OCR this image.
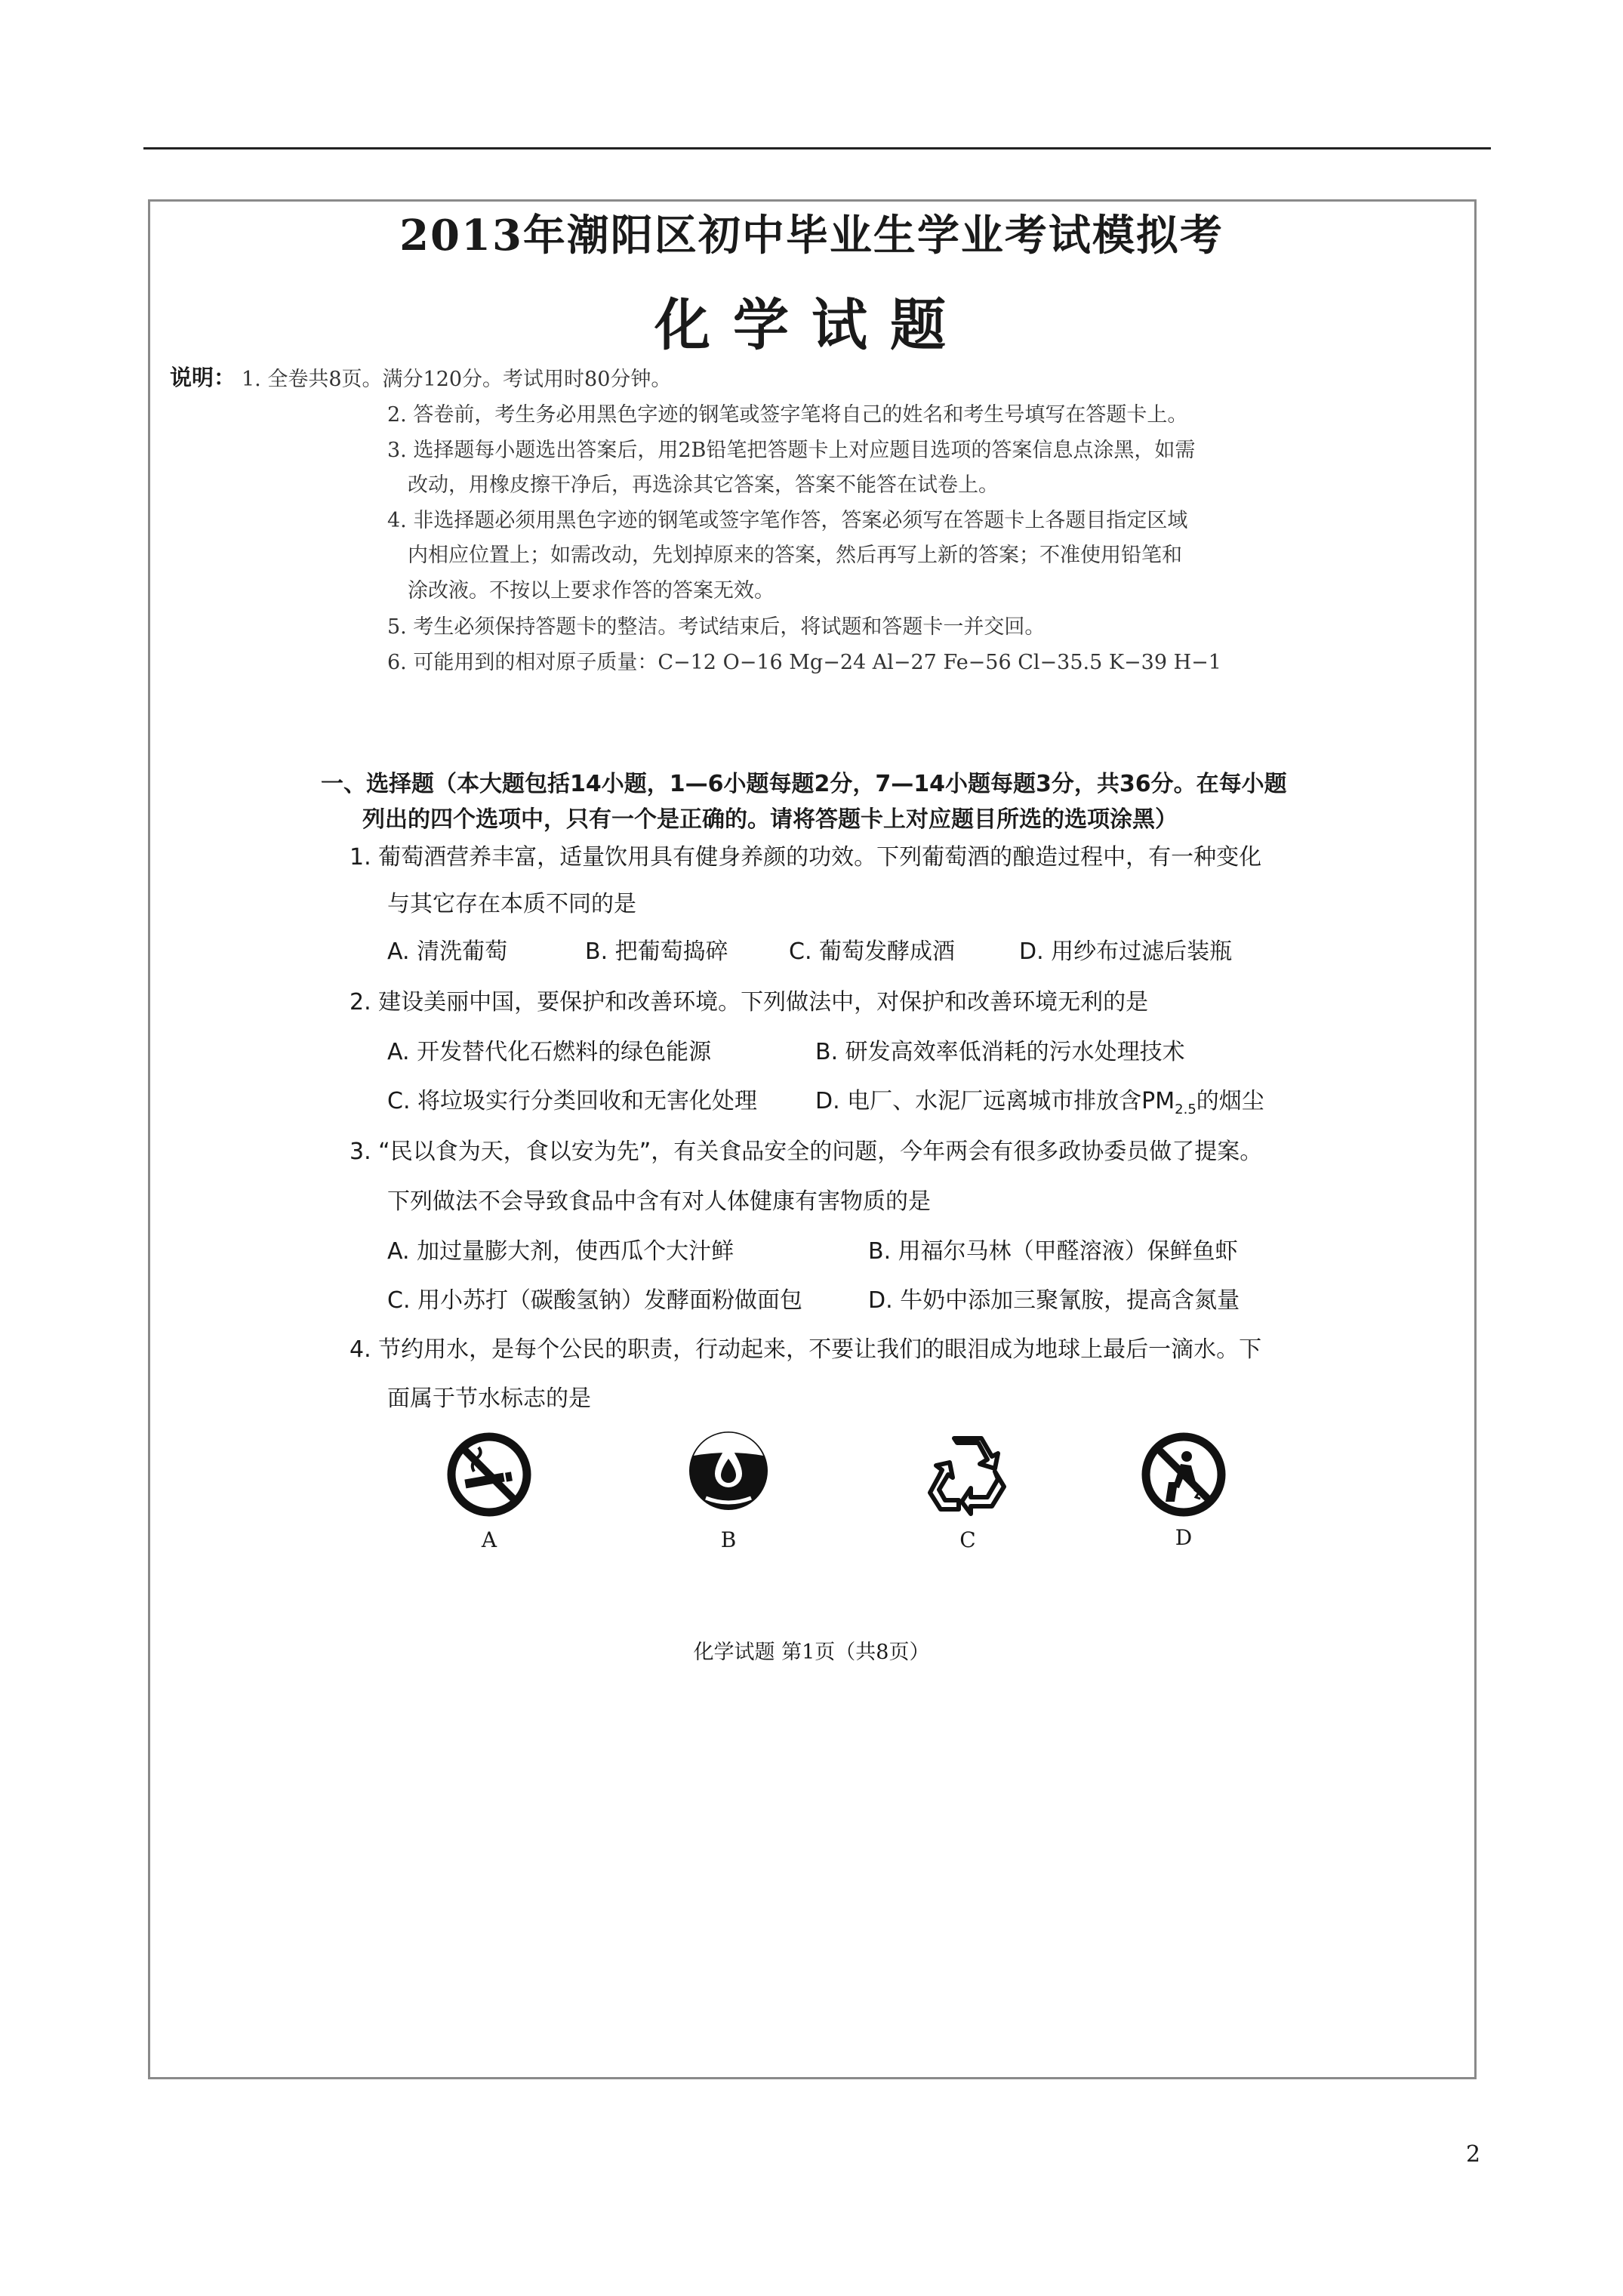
2013年潮阳区初中毕业生学业考试模拟考
化学试题
说明： 1. 全卷共8页。满分120分。考试用时80分钟。
2. 答卷前，考生务必用黑色字迹的钢笔或签字笔将自己的姓名和考生号填写在答题卡上。
3. 选择题每小题选出答案后，用2B铅笔把答题卡上对应题目选项的答案信息点涂黑，如需
改动，用橡皮擦干净后，再选涂其它答案，答案不能答在试卷上。
4. 非选择题必须用黑色字迹的钢笔或签字笔作答，答案必须写在答题卡上各题目指定区域
内相应位置上；如需改动，先划掉原来的答案，然后再写上新的答案；不准使用铅笔和
涂改液。不按以上要求作答的答案无效。
5. 考生必须保持答题卡的整洁。考试结束后，将试题和答题卡一并交回。
6. 可能用到的相对原子质量：C−12 O−16 Mg−24 Al−27 Fe−56 Cl−35.5 K−39 H−1
一、选择题（本大题包括14小题，1—6小题每题2分，7—14小题每题3分，共36分。在每小题
列出的四个选项中，只有一个是正确的。请将答题卡上对应题目所选的选项涂黑）
1. 葡萄酒营养丰富，适量饮用具有健身养颜的功效。下列葡萄酒的酿造过程中，有一种变化
与其它存在本质不同的是
A. 清洗葡萄	B. 把葡萄捣碎	C. 葡萄发酵成酒	D. 用纱布过滤后装瓶
2. 建设美丽中国，要保护和改善环境。下列做法中，对保护和改善环境无利的是
A. 开发替代化石燃料的绿色能源	B. 研发高效率低消耗的污水处理技术
C. 将垃圾实行分类回收和无害化处理	D. 电厂、水泥厂远离城市排放含$PM_{2.5}$的烟尘
3. “民以食为天，食以安为先”，有关食品安全的问题，今年两会有很多政协委员做了提案。
下列做法不会导致食品中含有对人体健康有害物质的是
A. 加过量膨大剂，使西瓜个大汁鲜	B. 用福尔马林（甲醛溶液）保鲜鱼虾
C. 用小苏打（碳酸氢钠）发酵面粉做面包	D. 牛奶中添加三聚氰胺，提高含氮量
4. 节约用水，是每个公民的职责，行动起来，不要让我们的眼泪成为地球上最后一滴水。下
面属于节水标志的是
A	B	C	D
化学试题 第1页（共8页）
2
